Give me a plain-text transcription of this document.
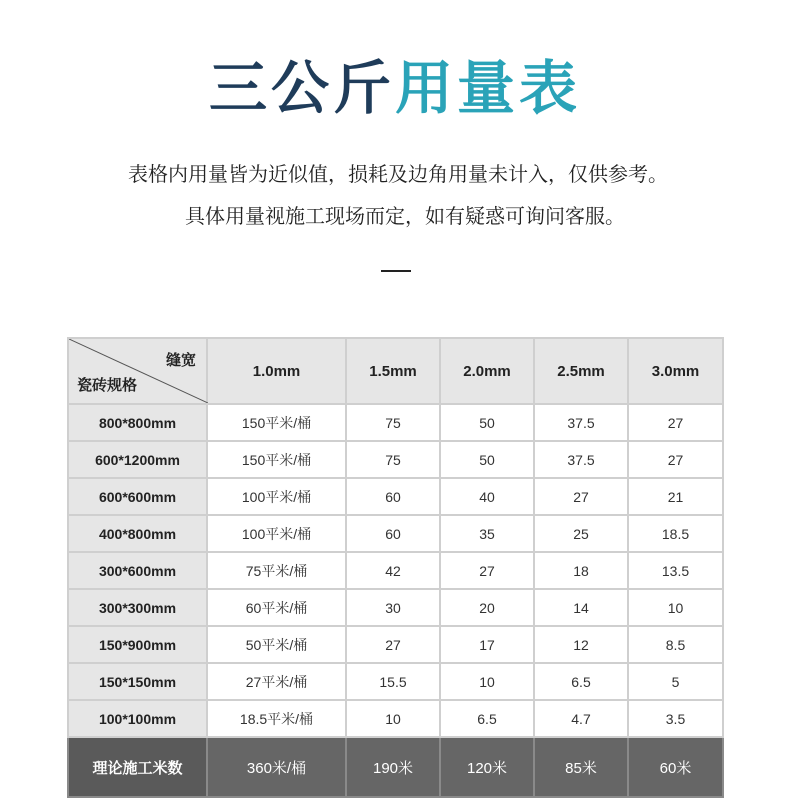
三公斤用量表
表格内用量皆为近似值，损耗及边角用量未计入，仅供参考。
具体用量视施工现场而定，如有疑惑可询问客服。
缝宽
瓷砖规格	1.0mm	1.5mm	2.0mm	2.5mm	3.0mm
800*800mm	150平米/桶	75	50	37.5	27
600*1200mm	150平米/桶	75	50	37.5	27
600*600mm	100平米/桶	60	40	27	21
400*800mm	100平米/桶	60	35	25	18.5
300*600mm	75平米/桶	42	27	18	13.5
300*300mm	60平米/桶	30	20	14	10
150*900mm	50平米/桶	27	17	12	8.5
150*150mm	27平米/桶	15.5	10	6.5	5
100*100mm	18.5平米/桶	10	6.5	4.7	3.5
理论施工米数	360米/桶	190米	120米	85米	60米
